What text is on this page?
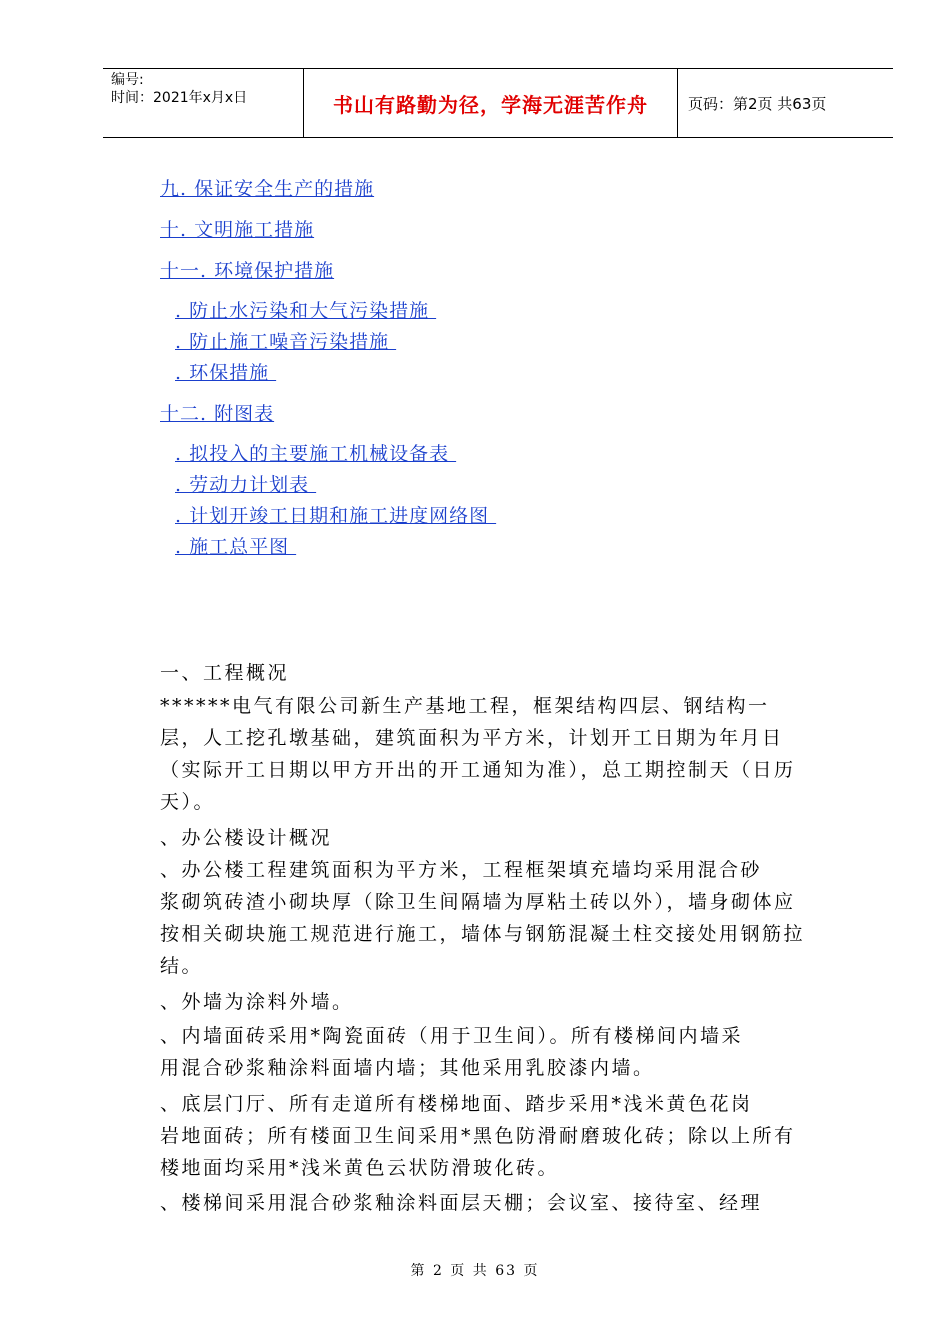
编号:
时间：2021年x月x日	书山有路勤为径，学海无涯苦作舟	页码：第2页 共63页
九. 保证安全生产的措施
十. 文明施工措施
十一. 环境保护措施
. 防止水污染和大气污染措施
. 防止施工噪音污染措施
. 环保措施
十二. 附图表
. 拟投入的主要施工机械设备表
. 劳动力计划表
. 计划开竣工日期和施工进度网络图
. 施工总平图
一、工程概况
******电气有限公司新生产基地工程，框架结构四层、钢结构一
层，人工挖孔墩基础，建筑面积为平方米，计划开工日期为年月日
（实际开工日期以甲方开出的开工通知为准），总工期控制天（日历
天）。
、办公楼设计概况
、办公楼工程建筑面积为平方米，工程框架填充墙均采用混合砂
浆砌筑砖渣小砌块厚（除卫生间隔墙为厚粘土砖以外），墙身砌体应
按相关砌块施工规范进行施工，墙体与钢筋混凝土柱交接处用钢筋拉
结。
、外墙为涂料外墙。
、内墙面砖采用*陶瓷面砖（用于卫生间）。所有楼梯间内墙采
用混合砂浆釉涂料面墙内墙；其他采用乳胶漆内墙。
、底层门厅、所有走道所有楼梯地面、踏步采用*浅米黄色花岗
岩地面砖；所有楼面卫生间采用*黑色防滑耐磨玻化砖；除以上所有
楼地面均采用*浅米黄色云状防滑玻化砖。
、楼梯间采用混合砂浆釉涂料面层天棚；会议室、接待室、经理
第 2 页 共 63 页
